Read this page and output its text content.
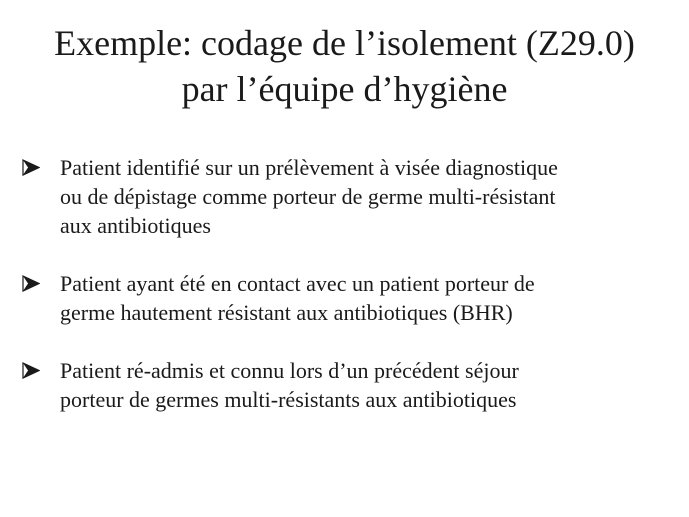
Exemple: codage de l’isolement (Z29.0)
par l’équipe d’hygiène
Patient identifié sur un prélèvement à visée diagnostique
ou de dépistage comme porteur de germe multi-résistant
aux antibiotiques
Patient ayant été en contact avec un patient porteur de
germe hautement résistant aux antibiotiques (BHR)
Patient ré-admis et connu lors d’un précédent séjour
porteur de germes multi-résistants aux antibiotiques
